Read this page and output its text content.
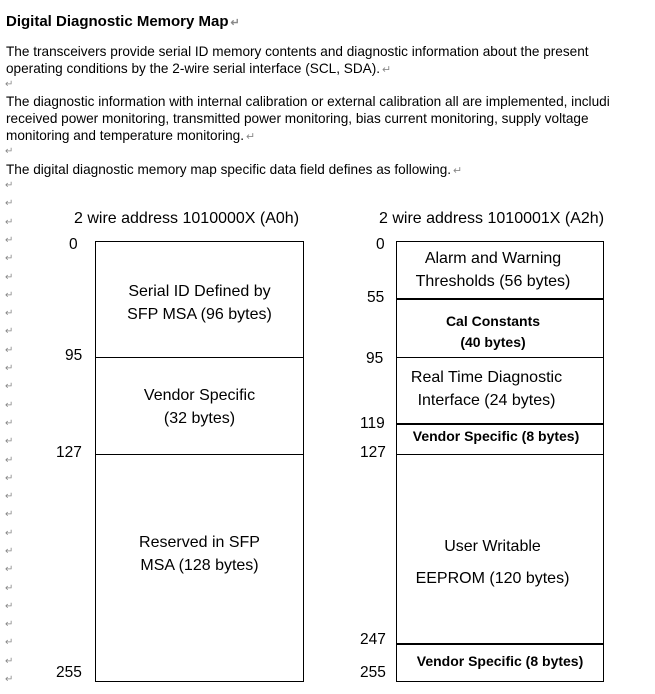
Digital Diagnostic Memory Map ↵
The transceivers provide serial ID memory contents and diagnostic information about the present
operating conditions by the 2-wire serial interface (SCL, SDA). ↵
↵
The diagnostic information with internal calibration or external calibration all are implemented, includi
received power monitoring, transmitted power monitoring, bias current monitoring, supply voltage
monitoring and temperature monitoring. ↵
↵
The digital diagnostic memory map specific data field defines as following. ↵
↵
↵
↵
↵
↵
↵
↵
↵
↵
↵
↵
↵
↵
↵
↵
↵
↵
↵
↵
↵
↵
↵
↵
↵
↵
↵
↵
↵
2 wire address 1010000X (A0h)
0
95
127
255
Serial ID Defined by
SFP MSA (96 bytes)
Vendor Specific
(32 bytes)
Reserved in SFP
MSA (128 bytes)
2 wire address 1010001X (A2h)
0
55
95
119
127
247
255
Alarm and Warning
Thresholds (56 bytes)
Cal Constants
(40 bytes)
Real Time Diagnostic
Interface (24 bytes)
Vendor Specific (8 bytes)
User Writable
EEPROM (120 bytes)
Vendor Specific (8 bytes)
